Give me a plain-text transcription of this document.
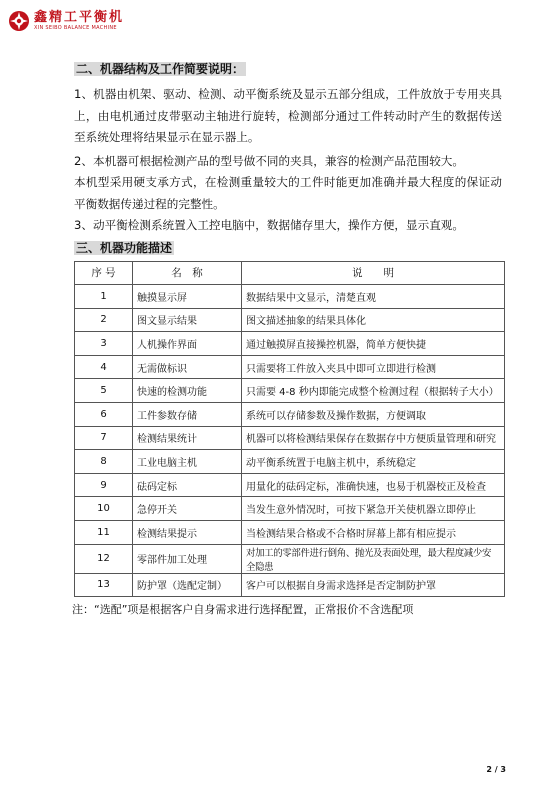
鑫精工平衡机
XIN SEIBO BALANCE MACHINE

二、机器结构及工作简要说明：

1、机器由机架、驱动、检测、动平衡系统及显示五部分组成，工件放放于专用夹具上，由电机通过皮带驱动主轴进行旋转，检测部分通过工件转动时产生的数据传送至系统处理将结果显示在显示器上。

2、本机器可根据检测产品的型号做不同的夹具，兼容的检测产品范围较大。

本机型采用硬支承方式，在检测重量较大的工件时能更加准确并最大程度的保证动平衡数据传递过程的完整性。

3、动平衡检测系统置入工控电脑中，数据储存里大，操作方便，显示直观。

三、机器功能描述

序 号	名　称	说　　明
1	触摸显示屏	数据结果中文显示，清楚直观
2	图文显示结果	图文描述抽象的结果具体化
3	人机操作界面	通过触摸屏直接操控机器，简单方便快捷
4	无需做标识	只需要将工件放入夹具中即可立即进行检测
5	快速的检测功能	只需要 4-8 秒内即能完成整个检测过程（根据转子大小）
6	工件参数存储	系统可以存储参数及操作数据，方便调取
7	检测结果统计	机器可以将检测结果保存在数据存中方便质量管理和研究
8	工业电脑主机	动平衡系统置于电脑主机中，系统稳定
9	砝码定标	用量化的砝码定标，准确快速，也易于机器校正及检查
10	急停开关	当发生意外情况时，可按下紧急开关使机器立即停止
11	检测结果提示	当检测结果合格或不合格时屏幕上都有相应提示
12	零部件加工处理	对加工的零部件进行倒角、抛光及表面处理，最大程度减少安全隐患
13	防护罩（选配定制）	客户可以根据自身需求选择是否定制防护罩
注：“选配”项是根据客户自身需求进行选择配置，正常报价不含选配项
2 / 3
